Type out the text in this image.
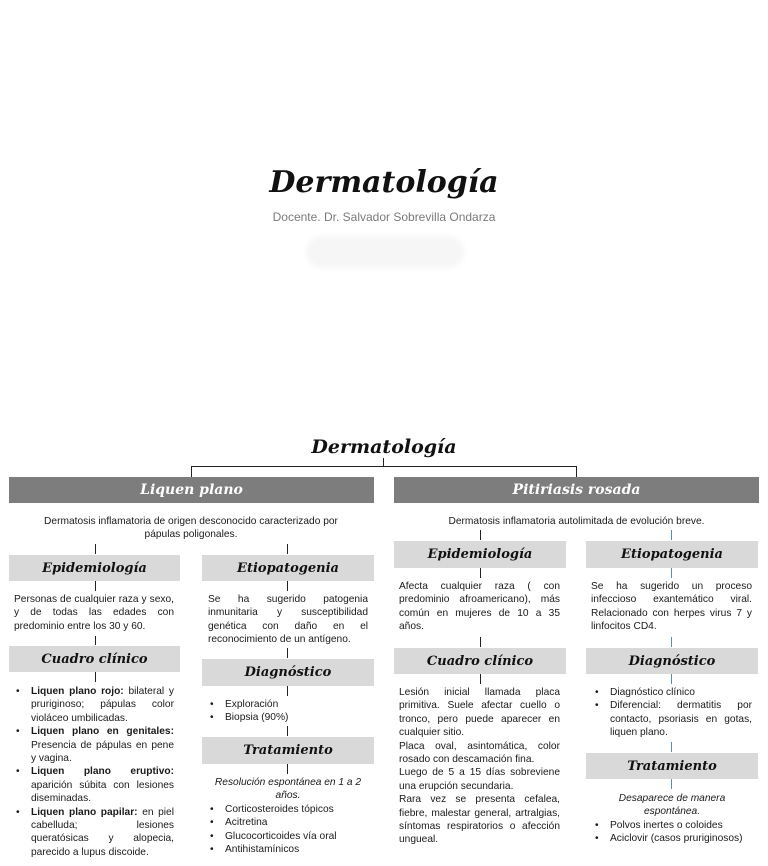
Dermatología
Docente. Dr. Salvador Sobrevilla Ondarza
Dermatología
Liquen plano
Dermatosis inflamatoria de origen desconocido caracterizado por pápulas poligonales.
Epidemiología
Personas de cualquier raza y sexo, y de todas las edades con predominio entre los 30 y 60.
Etiopatogenia
Se ha sugerido patogenia inmunitaria y susceptibilidad genética con daño en el reconocimiento de un antígeno.
Cuadro clínico
• Liquen plano rojo: bilateral y pruriginoso; pápulas color violáceo umbilicadas.
• Liquen plano en genitales: Presencia de pápulas en pene y vagina.
• Liquen plano eruptivo: aparición súbita con lesiones diseminadas.
• Liquen plano papilar: en piel cabelluda; lesiones queratósicas y alopecia, parecido a lupus discoide.
Diagnóstico
• Exploración
• Biopsia (90%)
Tratamiento
Resolución espontánea en 1 a 2 años.
• Corticosteroides tópicos
• Acitretina
• Glucocorticoides vía oral
• Antihistamínicos
Pitiriasis rosada
Dermatosis inflamatoria autolimitada de evolución breve.
Epidemiología
Afecta cualquier raza ( con predominio afroamericano), más común en mujeres de 10 a 35 años.
Etiopatogenia
Se ha sugerido un proceso infeccioso exantemático viral. Relacionado con herpes virus 7 y linfocitos CD4.
Cuadro clínico
Lesión inicial llamada placa primitiva. Suele afectar cuello o tronco, pero puede aparecer en cualquier sitio.
Placa oval, asintomática, color rosado con descamación fina.
Luego de 5 a 15 días sobreviene una erupción secundaria.
Rara vez se presenta cefalea, fiebre, malestar general, artralgias, síntomas respiratorios o afección ungueal.
Diagnóstico
• Diagnóstico clínico
• Diferencial: dermatitis por contacto, psoriasis en gotas, liquen plano.
Tratamiento
Desaparece de manera espontánea.
• Polvos inertes o coloides
• Aciclovir (casos pruriginosos)
